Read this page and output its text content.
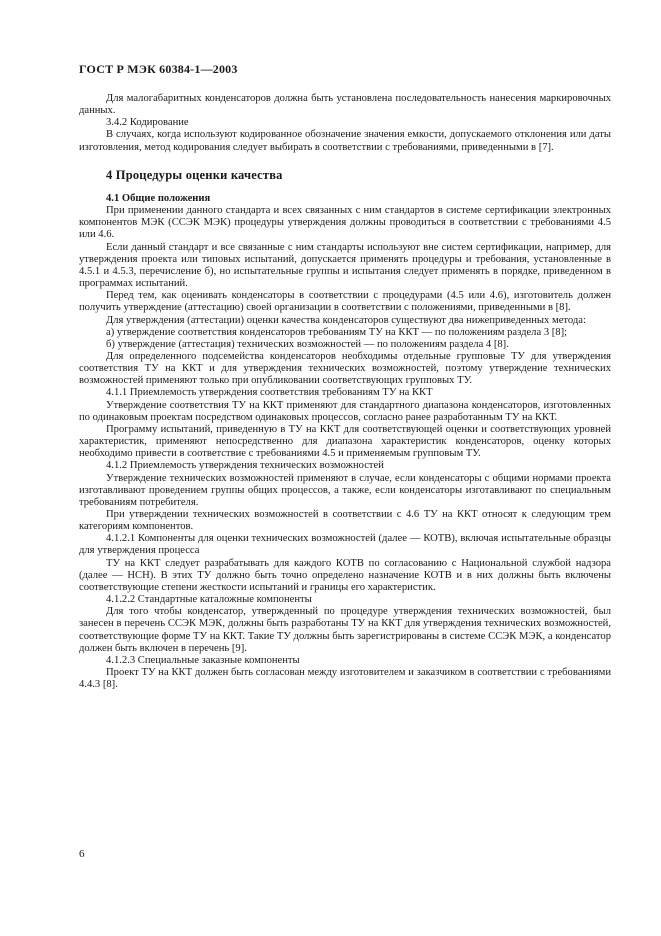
ГОСТ Р МЭК 60384-1—2003

Для малогабаритных конденсаторов должна быть установлена последовательность нанесения маркировочных данных.

3.4.2 Кодирование

В случаях, когда используют кодированное обозначение значения емкости, допускаемого отклонения или даты изготовления, метод кодирования следует выбирать в соответствии с требованиями, приведенными в [7].

4 Процедуры оценки качества

4.1 Общие положения

При применении данного стандарта и всех связанных с ним стандартов в системе сертификации электронных компонентов МЭК (ССЭК МЭК) процедуры утверждения должны проводиться в соответствии с требованиями 4.5 или 4.6.

Если данный стандарт и все связанные с ним стандарты используют вне систем сертификации, например, для утверждения проекта или типовых испытаний, допускается применять процедуры и требования, установленные в 4.5.1 и 4.5.3, перечисление б), но испытательные группы и испытания следует применять в порядке, приведенном в программах испытаний.

Перед тем, как оценивать конденсаторы в соответствии с процедурами (4.5 или 4.6), изготовитель должен получить утверждение (аттестацию) своей организации в соответствии с положениями, приведенными в [8].

Для утверждения (аттестации) оценки качества конденсаторов существуют два нижеприведенных метода:

а) утверждение соответствия конденсаторов требованиям ТУ на ККТ — по положениям раздела 3 [8];

б) утверждение (аттестация) технических возможностей — по положениям раздела 4 [8].

Для определенного подсемейства конденсаторов необходимы отдельные групповые ТУ для утверждения соответствия ТУ на ККТ и для утверждения технических возможностей, поэтому утверждение технических возможностей применяют только при опубликовании соответствующих групповых ТУ.

4.1.1 Приемлемость утверждения соответствия требованиям ТУ на ККТ

Утверждение соответствия ТУ на ККТ применяют для стандартного диапазона конденсаторов, изготовленных по одинаковым проектам посредством одинаковых процессов, согласно ранее разработанным ТУ на ККТ.

Программу испытаний, приведенную в ТУ на ККТ для соответствующей оценки и соответствующих уровней характеристик, применяют непосредственно для диапазона характеристик конденсаторов, оценку которых необходимо привести в соответствие с требованиями 4.5 и применяемым групповым ТУ.

4.1.2 Приемлемость утверждения технических возможностей

Утверждение технических возможностей применяют в случае, если конденсаторы с общими нормами проекта изготавливают проведением группы общих процессов, а также, если конденсаторы изготавливают по специальным требованиям потребителя.

При утверждении технических возможностей в соответствии с 4.6 ТУ на ККТ относят к следующим трем категориям компонентов.

4.1.2.1 Компоненты для оценки технических возможностей (далее — КОТВ), включая испытательные образцы для утверждения процесса

ТУ на ККТ следует разрабатывать для каждого КОТВ по согласованию с Национальной службой надзора (далее — НСН). В этих ТУ должно быть точно определено назначение КОТВ и в них должны быть включены соответствующие степени жесткости испытаний и границы его характеристик.

4.1.2.2 Стандартные каталожные компоненты

Для того чтобы конденсатор, утвержденный по процедуре утверждения технических возможностей, был занесен в перечень ССЭК МЭК, должны быть разработаны ТУ на ККТ для утверждения технических возможностей, соответствующие форме ТУ на ККТ. Такие ТУ должны быть зарегистрированы в системе ССЭК МЭК, а конденсатор должен быть включен в перечень [9].

4.1.2.3 Специальные заказные компоненты

Проект ТУ на ККТ должен быть согласован между изготовителем и заказчиком в соответствии с требованиями 4.4.3 [8].

6
